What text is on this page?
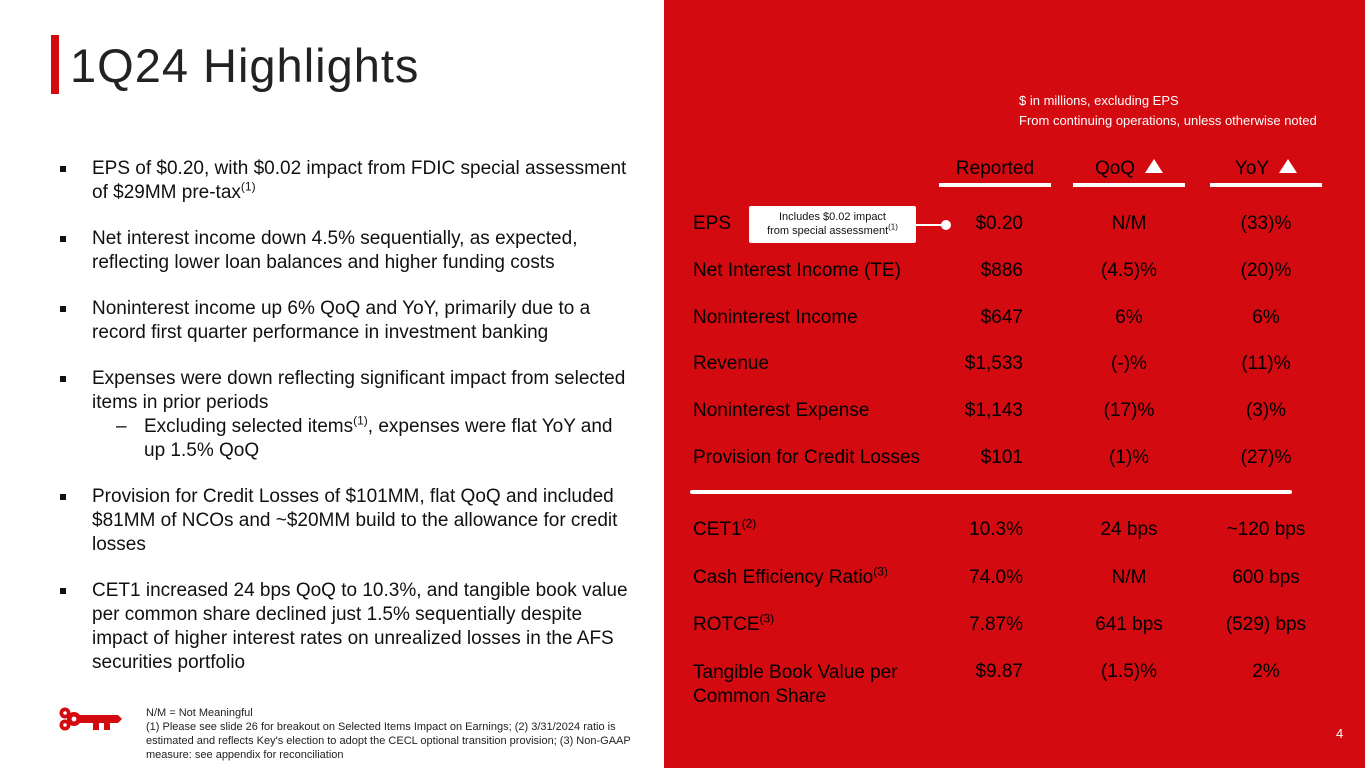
1Q24 Highlights
EPS of $0.20, with $0.02 impact from FDIC special assessment of $29MM pre-tax$^{(1)}$
Net interest income down 4.5% sequentially, as expected, reflecting lower loan balances and higher funding costs
Noninterest income up 6% QoQ and YoY, primarily due to a record first quarter performance in investment banking
Expenses were down reflecting significant impact from selected items in prior periods
– Excluding selected items$^{(1)}$, expenses were flat YoY and up 1.5% QoQ
Provision for Credit Losses of $101MM, flat QoQ and included $81MM of NCOs and ~$20MM build to the allowance for credit losses
CET1 increased 24 bps QoQ to 10.3%, and tangible book value per common share declined just 1.5% sequentially despite impact of higher interest rates on unrealized losses in the AFS securities portfolio
N/M = Not Meaningful
(1) Please see slide 26 for breakout on Selected Items Impact on Earnings; (2) 3/31/2024 ratio is estimated and reflects Key's election to adopt the CECL optional transition provision; (3) Non-GAAP measure: see appendix for reconciliation
$ in millions, excluding EPS
From continuing operations, unless otherwise noted
Reported	QoQ	YoY
EPS	$0.20	N/M	(33)%
Includes $0.02 impact
from special assessment$^{(1)}$
Net Interest Income (TE)	$886	(4.5)%	(20)%
Noninterest Income	$647	6%	6%
Revenue	$1,533	(-)%	(11)%
Noninterest Expense	$1,143	(17)%	(3)%
Provision for Credit Losses	$101	(1)%	(27)%
CET1$^{(2)}$	10.3%	24 bps	~120 bps
Cash Efficiency Ratio$^{(3)}$	74.0%	N/M	600 bps
ROTCE$^{(3)}$	7.87%	641 bps	(529) bps
Tangible Book Value per
Common Share
$9.87	(1.5)%	2%
4
